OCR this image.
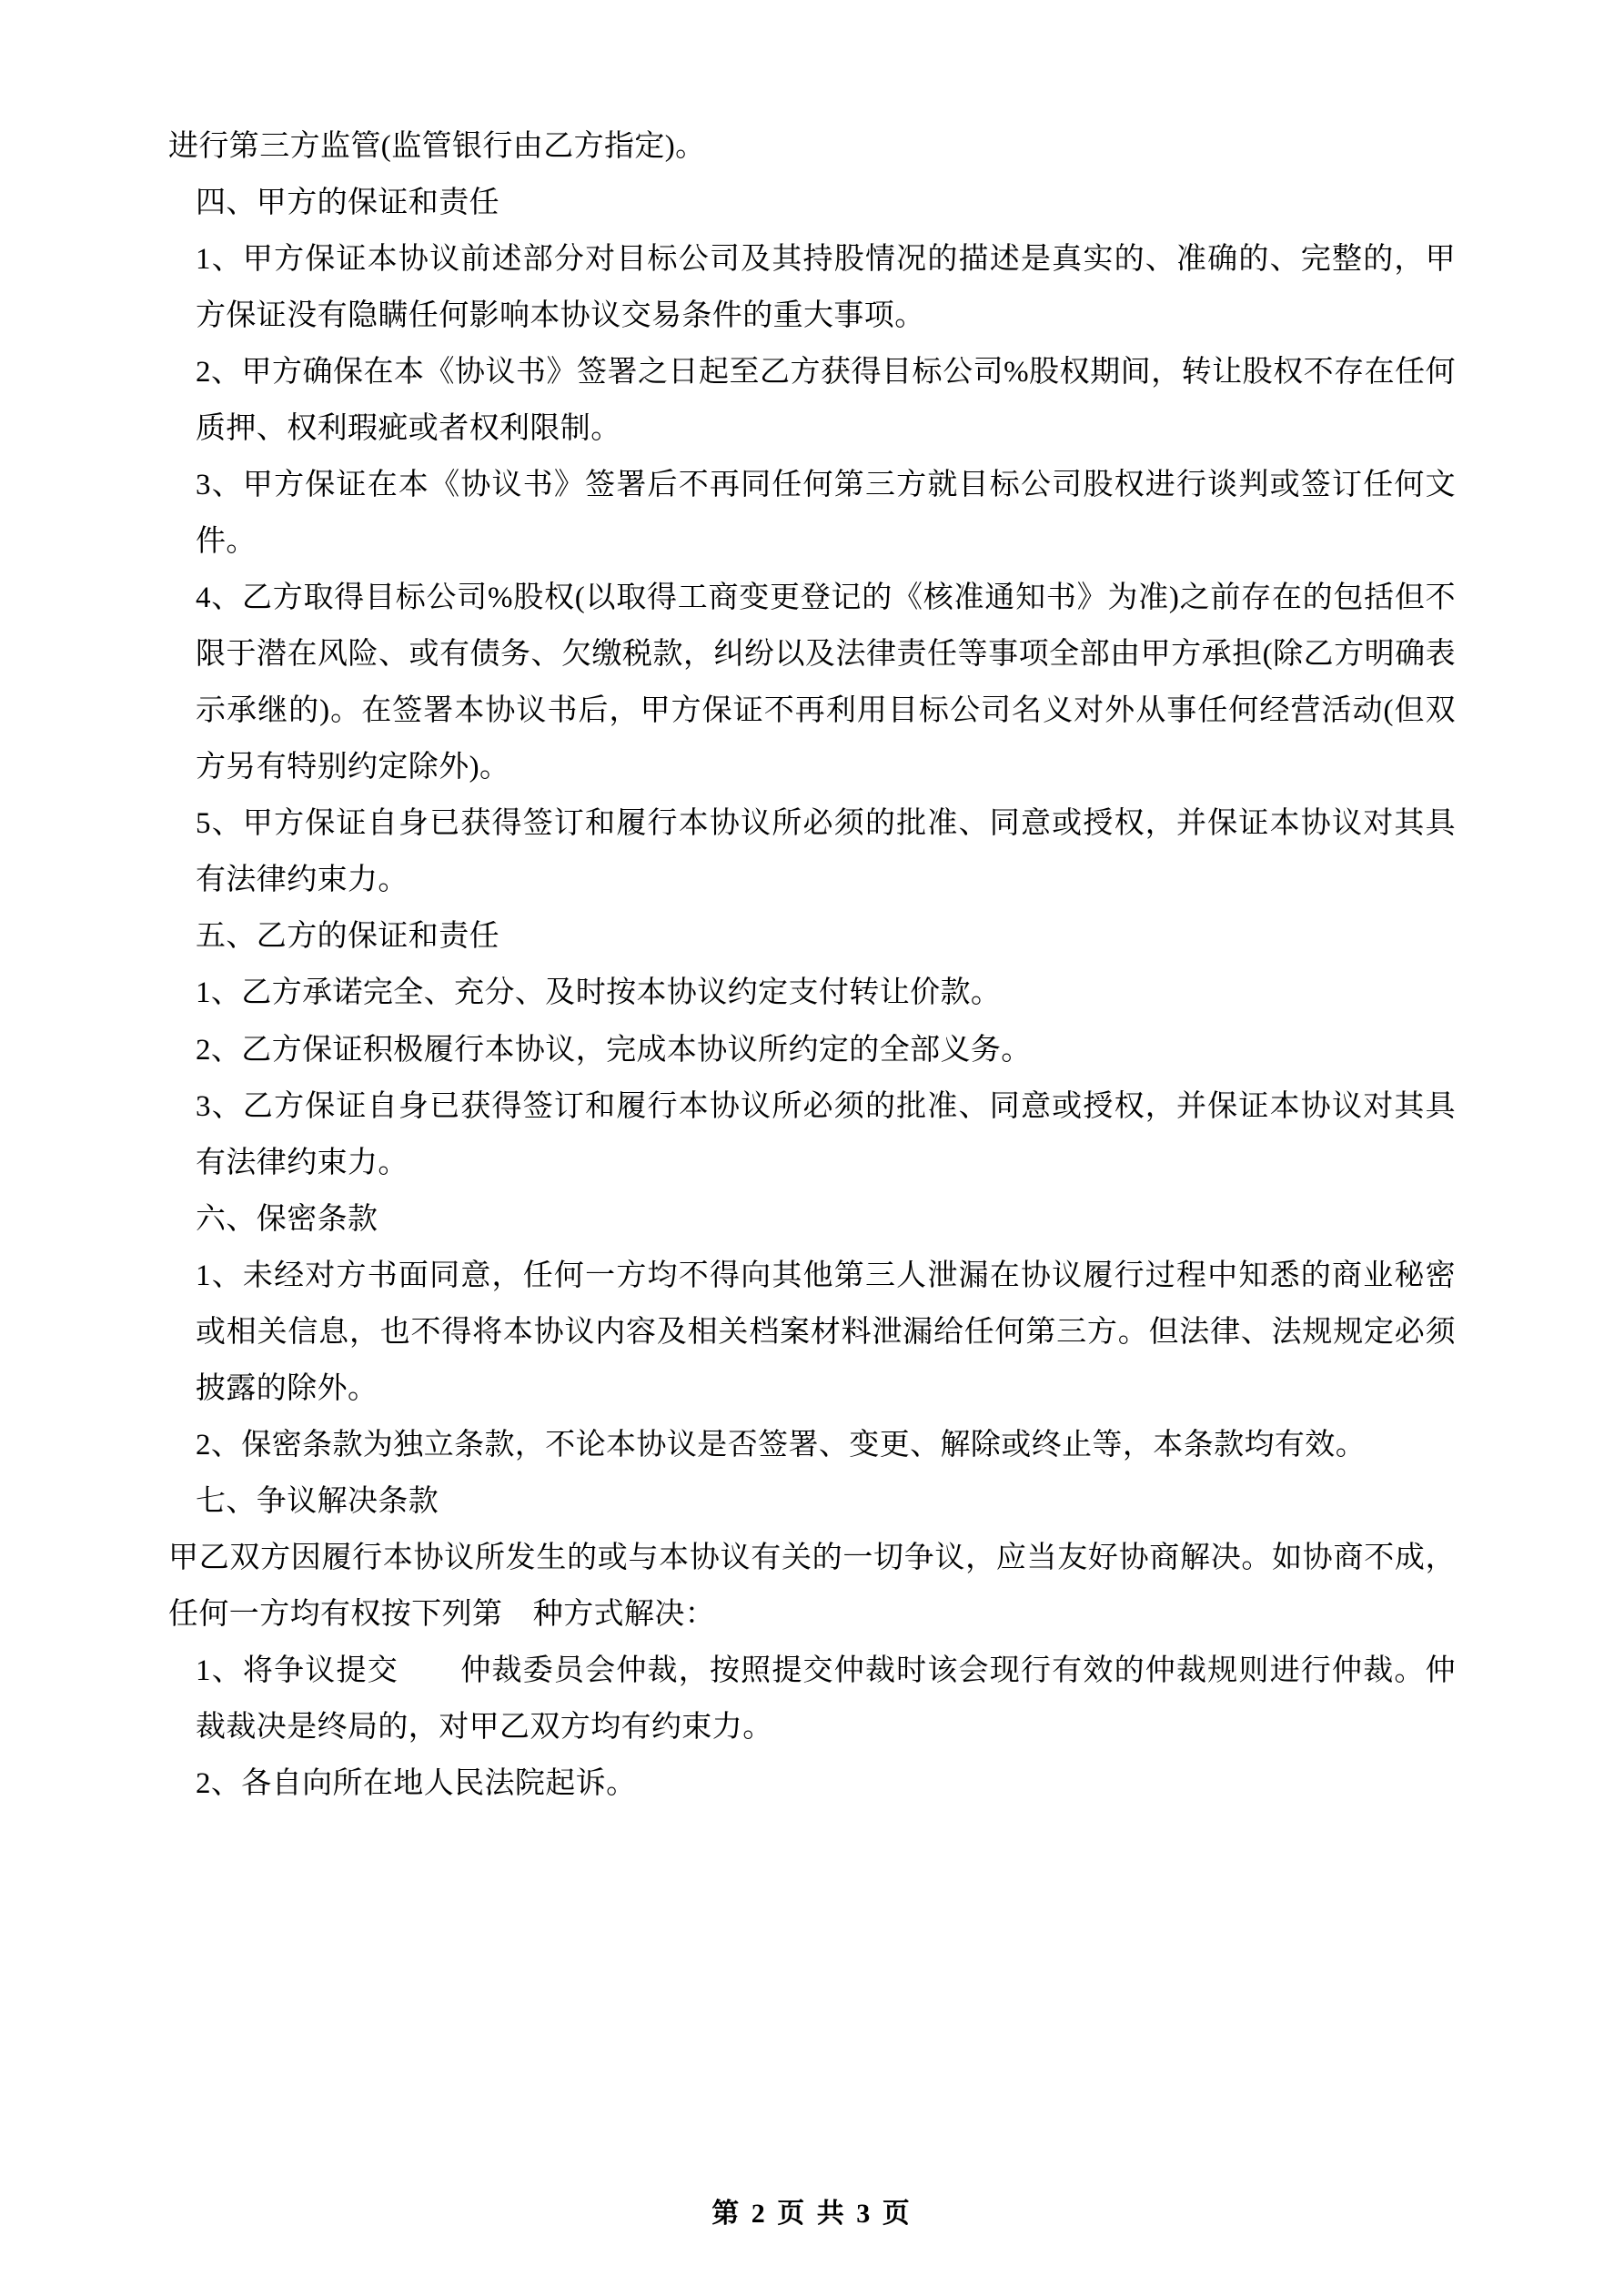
进行第三方监管(监管银行由乙方指定)。

四、甲方的保证和责任

1、甲方保证本协议前述部分对目标公司及其持股情况的描述是真实的、准确的、完整的，甲方保证没有隐瞒任何影响本协议交易条件的重大事项。

2、甲方确保在本《协议书》签署之日起至乙方获得目标公司%股权期间，转让股权不存在任何质押、权利瑕疵或者权利限制。

3、甲方保证在本《协议书》签署后不再同任何第三方就目标公司股权进行谈判或签订任何文件。

4、乙方取得目标公司%股权(以取得工商变更登记的《核准通知书》为准)之前存在的包括但不限于潜在风险、或有债务、欠缴税款，纠纷以及法律责任等事项全部由甲方承担(除乙方明确表示承继的)。在签署本协议书后，甲方保证不再利用目标公司名义对外从事任何经营活动(但双方另有特别约定除外)。

5、甲方保证自身已获得签订和履行本协议所必须的批准、同意或授权，并保证本协议对其具有法律约束力。

五、乙方的保证和责任

1、乙方承诺完全、充分、及时按本协议约定支付转让价款。

2、乙方保证积极履行本协议，完成本协议所约定的全部义务。

3、乙方保证自身已获得签订和履行本协议所必须的批准、同意或授权，并保证本协议对其具有法律约束力。

六、保密条款

1、未经对方书面同意，任何一方均不得向其他第三人泄漏在协议履行过程中知悉的商业秘密或相关信息，也不得将本协议内容及相关档案材料泄漏给任何第三方。但法律、法规规定必须披露的除外。

2、保密条款为独立条款，不论本协议是否签署、变更、解除或终止等，本条款均有效。

七、争议解决条款

甲乙双方因履行本协议所发生的或与本协议有关的一切争议，应当友好协商解决。如协商不成，任何一方均有权按下列第　种方式解决：

1、将争议提交　　仲裁委员会仲裁，按照提交仲裁时该会现行有效的仲裁规则进行仲裁。仲裁裁决是终局的，对甲乙双方均有约束力。

2、各自向所在地人民法院起诉。

第 2 页 共 3 页
